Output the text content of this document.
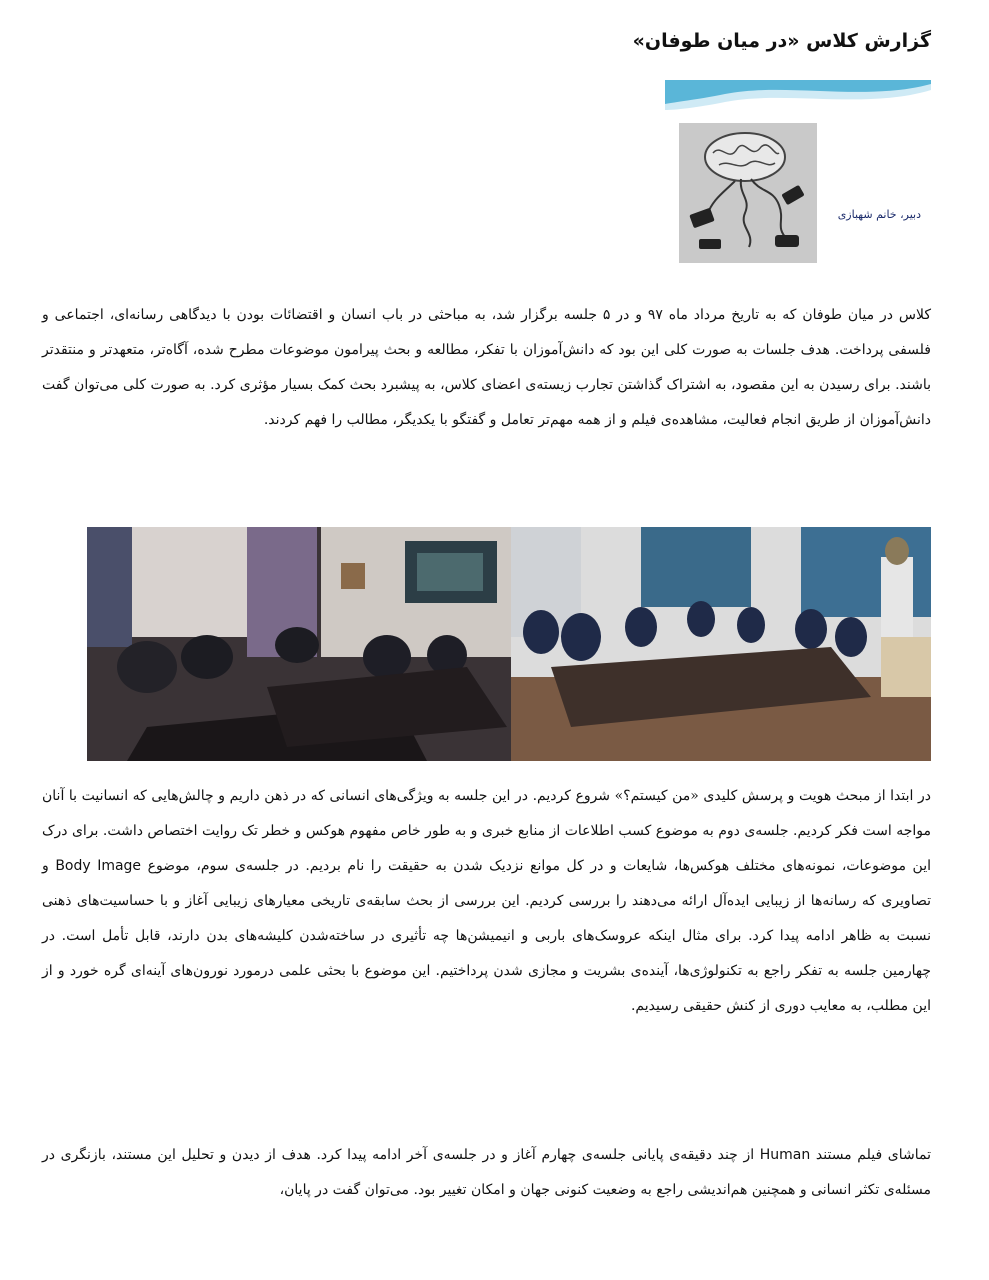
گزارش کلاس «در میان طوفان»
دبیر، خانم شهبازی

کلاس در میان طوفان که به تاریخ مرداد ماه ۹۷ و در ۵ جلسه برگزار شد، به مباحثی در باب انسان و اقتضائات بودن با دیدگاهی رسانه‌ای، اجتماعی و فلسفی پرداخت. هدف جلسات به صورت کلی این بود که دانش‌آموزان با تفکر، مطالعه و بحث پیرامون موضوعات مطرح شده، آگاه‌تر، متعهدتر و منتقدتر باشند. برای رسیدن به این مقصود، به اشتراک گذاشتن تجارب زیسته‌ی اعضای کلاس، به پیشبرد بحث کمک بسیار مؤثری کرد. به صورت کلی می‌توان گفت دانش‌آموزان از طریق انجام فعالیت، مشاهده‌ی فیلم و از همه مهم‌تر تعامل و گفتگو با یکدیگر، مطالب را فهم کردند.

در ابتدا از مبحث هویت و پرسش کلیدی «من کیستم؟» شروع کردیم. در این جلسه به ویژگی‌های انسانی که در ذهن داریم و چالش‌هایی که انسانیت با آنان مواجه است فکر کردیم. جلسه‌ی دوم به موضوع کسب اطلاعات از منابع خبری و به طور خاص مفهوم هوکس و خطر تک روایت اختصاص داشت. برای درک این موضوعات، نمونه‌های مختلف هوکس‌ها، شایعات و در کل موانع نزدیک شدن به حقیقت را نام بردیم. در جلسه‌ی سوم، موضوع Body Image و تصاویری که رسانه‌ها از زیبایی ایده‌آل ارائه می‌دهند را بررسی کردیم. این بررسی از بحث سابقه‌ی تاریخی معیارهای زیبایی آغاز و با حساسیت‌های ذهنی نسبت به ظاهر ادامه پیدا کرد. برای مثال اینکه عروسک‌های باربی و انیمیشن‌ها چه تأثیری در ساخته‌شدن کلیشه‌های بدن دارند، قابل تأمل است. در چهارمین جلسه به تفکر راجع به تکنولوژی‌ها، آینده‌ی بشریت و مجازی شدن پرداختیم. این موضوع با بحثی علمی درمورد نورون‌های آینه‌ای گره خورد و از این مطلب، به معایب دوری از کنش حقیقی رسیدیم.

تماشای فیلم مستند Human از چند دقیقه‌ی پایانی جلسه‌ی چهارم آغاز و در جلسه‌ی آخر ادامه پیدا کرد. هدف از دیدن و تحلیل این مستند، بازنگری در مسئله‌ی تکثر انسانی و همچنین هم‌اندیشی راجع به وضعیت کنونی جهان و امکان تغییر بود. می‌توان گفت در پایان،
